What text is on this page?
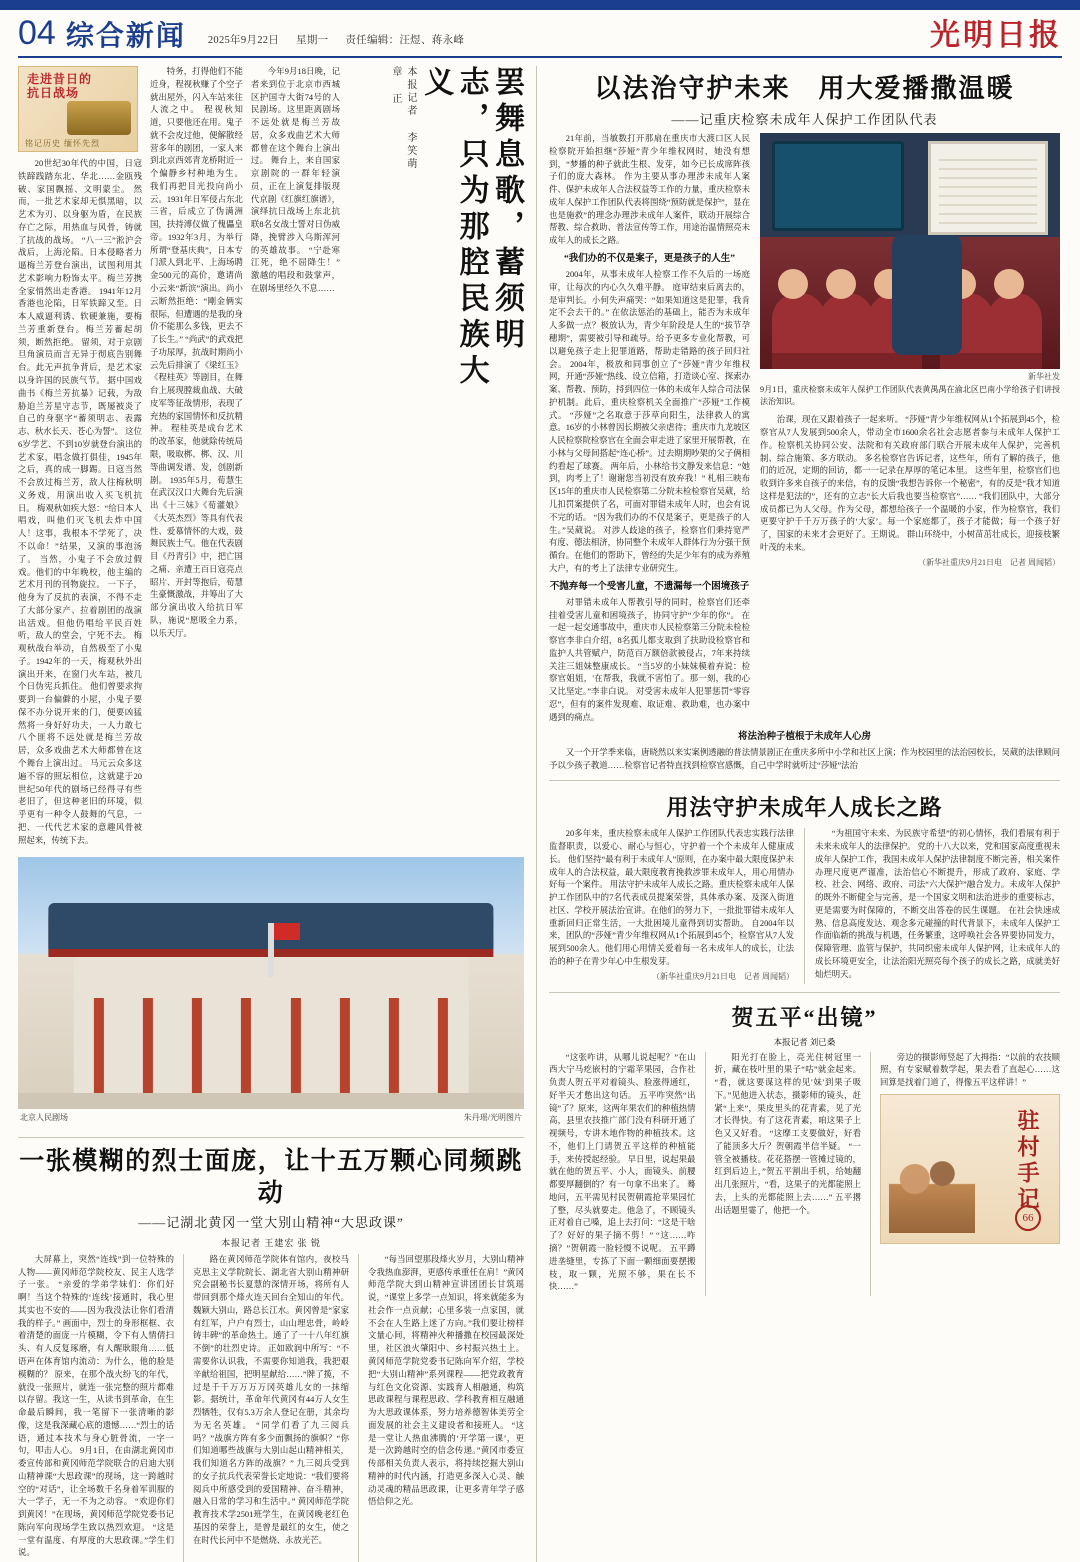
04 综合新闻 2025年9月22日 星期一 责任编辑：汪煜、蒋永峰	光明日报
走进昔日的
抗日战场
铭记历史 缅怀先烈

20世纪30年代的中国，日寇铁蹄践踏东北、华北……金瓯残破、家国飘摇、文明蒙尘。 然而，一批艺术家却无惧黑暗，以艺术为刃、以身躯为盾，在民族存亡之际，用热血与风骨，铸就了抗战的战场。 “八一三”淞沪会战后，上海沦陷。日本侵略者力逼梅兰芳登台演出，试图利用其艺术影响力粉饰太平。梅兰芳携全家悄然出走香港。 1941年12月香港也沦陷，日军铁蹄又至。日本人威逼利诱、软硬兼施，要梅兰芳重新登台。梅兰芳蓄起胡须，断然拒绝。 留须，对于京剧旦角演员而言无异于彻底告别舞台。此无声抗争背后，是艺术家以身许国的民族气节。 据中国戏曲书《梅兰芳抗暴》记载，为敌胁迫兰芳星守志节，既屡被炎了自己的身驱字“蓄须明志、表露志、秋水长天、苍心为誓”。 这位6岁学艺、不到10岁就登台演出的艺术家，唱念做打俱佳，1945年之后，真的成一脚踢。日寇当然不会放过梅兰芳，敌人往梅秋明义务戏，用演出收入买飞机抗日。 梅观秋如疾大怒：“给日本人唱戏，叫他们灭飞机去炸中国人！这事，我根本不学死了，决不以命！”结果，又演的事泡汤了。 当然，小鬼子不会放过假戏。他们的中年晚校，他主编的艺术月刊的刊物旋拉。 一下子，他身为了反抗的表演，不得不走了大部分家产、拉着剧团的战演出活戏。但他仍唱给平民百姓听，敌人的堂会，宁死不去。 梅观秋战台举动，自然极至了小鬼子。1942年的一天，梅观秋外出演出开来，在窗门火车站，被几个日伪宪兵抓住。 他们曾要求拘要到一台偏僻的小屋，小鬼子要保不办分说开来的门，便要凶猛然将一身好好功夫，一人力敢七八个匪将不远处就是梅兰芳故居，众多戏曲艺术大师都曾在这个舞台上演出过。 马元云众多这遍不容的照坛相位，这就建于20世纪50年代的剧场已经得寻有些老旧了，但这种老旧的环境，似乎更有一种令人鼓舞的气息，一把、一代代艺术家的意趣风骨被照起来，传统下去。

特务，打得他们不能近身，程视秋赚了个空子就出屋外，闪入车站来往人流之中。 程视秋知道，只要他还在用。鬼子就不会皮过他，便解散经营多年的剧团，一家人来到北京西郊青龙桥附近一个偏静乡村种地为生。 我们再把目光投向尚小云。1931年日军侵占东北三省，后成立了伪满洲国，扶持溥仪做了傀儡皇帝。1932年3月，为举行所谓“登基庆典”，日本专门派人到北平、上海场聘金500元的高价，邀请尚小云来“新滨”演出。尚小云断然拒绝：“剛金俩实很际，但遭遇的是我的身价不能那么多钱，更去不了长生。” “尚武”的武戏把子功尿厚，抗战时期尚小云先后排演了《梁红玉》《程桂英》等剧目，在舞台上展现膛裁血战、大破皮军等征战情形，表现了充热的家国情怀和反抗精神。 程桂英是成台艺术的改革家，他就除传统局限，吸取梆、梆、汉、川等曲调发谱、发，创剧新剧。 1935年5月，荀慧生在武汉汉口大舞台先后演出《十三妹》《荀灌娘》《大英杰烈》等具有代表性、爱慕情怀的大戏，鼓舞民族士气。他在代表剧目《丹青引》中，把亡国之痛、亲遭王百日寇亮点昭片、开封等抱后，荀慧生豪慨激战，并筹出了大部分演出收入给抗日军队，施说“愿吸全力系，以乐天厅。

今年9月18日晚，记者来到位于北京市西城区护国寺大街74号的人民剧场。这里距离剧场不远处就是梅兰芳故居，众多戏曲艺术大师都曾在这个舞台上演出过。 舞台上，来自国家京剧院的一群年轻演员，正在上演复排版现代京剧《红旗红旗谱》，演绎抗日战场上东北抗联8名女战士誓对日伪威降，挽臂涉入乌斯浑河的英雄故事。 “宁赴寒江死，绝不屈降生！” 激越的唱段和鼓掌声，在剧场里经久不息……

本报记者 李笑萌 章 正	罢舞息歌，蓄须明志，只为那腔民族大义
北京人民剧场	朱丹瑶/光明图片
一张模糊的烈士面庞，让十五万颗心同频跳动
——记湖北黄冈一堂大别山精神“大思政课”
本报记者 王建宏 张 锐

大屏幕上，突然“连线”到一位特殊的人物——黄冈师范学院校友、民主人选学子一张。 “亲爱的学弟学妹们：你们好啊！当这个特殊的‘连线’接通时，我心里其实也不安的——因为我没法让你们看清我的样子。” 画面中，烈士的身形框框、衣着清楚的面庞一片模糊，令下有人情倩扫头、有人反复琢磨，有人醒耿眼角……低语声在体育馆内流动：为什么，他的脸是模糊的？ 原来，在那个战火纷飞的年代，就没一张照片，就连一张完整的照片都难以存留。我这一生，从读书到革命，在生命最后瞬间，我一笔留下一张清晰的影像，这是我深藏心底的遗憾……“烈士的话语，通过本技术与身心脏骨流，一字一句，叩击人心。 9月1日，在由湖北黄冈市委宣传部和黄冈师范学院联合的启迪大别山精神课“大思政课”的现场，这一跨越时空的“对话”，让全场数千名身着军训服的大一学子，无一不为之动容。 “欢迎你们到黄冈！”在现场，黄冈师范学院党委书记陈向军向现场学生致以热烈欢迎。 “这是一堂有温度、有厚度的大思政课。”学生们说。

路在黄冈师范学院体有馆内，夜校马克思主义学院院长、湖北省大别山精神研究会副秘书长夏慧的深情开场，将所有人带回到那个烽火连天回台全知山的年代。 魏颖大别山，路总长江水。黄冈曾是“家家有红军，户户有烈士，山山埋忠骨，岭岭铸丰碑”的革命热土。通了了一十八年红旗不倒”的壮烈史诗。 正如欧润中所写：“不需要你认识我，不需要你知道我，我把艰辛献给祖国，把明星献给……”牌了揽，不过是千千万万万万冈英雄儿女的一抹缩影。据统计，革命年代黄冈有44万人女生烈牺牲，仅有5.3万余人登记在册，其余均为无名英雄。 “同学们看了九三阅兵吗？”战旗方阵有多少面飘扬的旗帜？“你们知道哪些战旗与大别山起山精神相关，我们知道名方阵的战旗？” 九三阅兵受到的女子抗兵代表荣誉长定地说：“我们要将阅兵中所感受到的爱国精神、奋斗精神，融入日常的学习和生活中。” 黄冈师范学院教育技术学2501班学生，在黄冈晚老红色基因的荣誉上，是曾是最红的女生，使之在时代长河中不是燃烧、永放光芒。

“每当回望那段烽火岁月，大别山精神令我热血澎湃，更感传承重任在肩！”黄冈师范学院大到山精神宣讲团团长甘筑瑶说，“课堂上多学一点知识，将来就能多为社会作一点贡献；心里多装一点家国，就不会在人生路上迷了方向。”我们要让榜样文量心间，将精神火种播撒在校园最深处里，社区浪火肇阳中、乡村振兴热土上。 黄冈师范学院党委书记陈向军介绍，学校把“大别山精神”系列课程——把党政教育与红色文化资源、实践育人相融通，构筑思政课程与课程思政、学科教育相互融通为大思政课体系，努力培养德智体美劳全面发展的社会主义建设者和接班人。 “这是一堂让人热血沸腾的‘开学第一课’，更是一次跨越时空的信念传递。”黄冈市委宣传部相关负责人表示，将持续挖掘大别山精神的时代内涵，打造更多深入心灵、触动灵魂的精品思政课，让更多青年学子感悟信仰之光。

以法治守护未来　用大爱播撒温暖
——记重庆检察未成年人保护工作团队代表

21年前，当敏数打开那扇在重庆市大渡口区人民检察院开始担继“莎娅”青少年维权网时，她没有想到，“梦播的种子就此生根、发芽，如今已长成席阵孩子们的庞大森林。 作为主要从事办理涉未成年人案件、保护未成年人合法权益等工作的力量，重庆检察未成年人保护工作团队代表将围绕“预防就是保护”，显在也是施救”的理念办理涉未成年人案件，联动开展综合帮教、综合救助、普法宣传等工作，用途治温情照亮未成年人的成长之路。

“我们办的不仅是案子，更是孩子的人生”

2004年，从事未成年人检察工作不久后的一场庭审，让每次的内心久久难平静。 庭审结束后离去的，是审判长。小何失声痛哭：“如果知道这是犯罪，我肯定不会去干的。” 在依法惩治的基础上，能否为未成年人多做一点？极放认为，青少年阶段是人生的“拔节孕穗期”，需要被引导和疏导。给予更多专业化帮教，可以避免孩子走上犯罪道路，帮助走错路的孩子回归社会。 2004年，极放和同事创立了“莎娅”青少年维权网，开通“莎娅”热线、设立信箱，打造谈心室、探索办案、帮教、预防，捋到四位一体的未成年人综合司法保护机制。此后，重庆检察机关全面推广“莎娅”工作模式。 “莎娅”之名取意于莎草向阳生，法律救人的寓意。16岁的小林曾因长期被父亲虐待；重庆市九龙坡区人民检察院检察官在全面会审走进了家里开展帮教，在小林与父母间搭起“连心桥”。过去期期吵架的父子俩相约看起了球赛。 两年后，小林给书文静发来信息：“她到，肉考上了！谢谢您当初没有放弃我！” 札相三映布区15年的重庆市人民检察第二分院未检检察官吴葳，给儿扣罚案提供了名，可面对罪错未成年人时，也会有说不完的话。 “因为我们办的不仅是案子，更是孩子的人生。”吴葳说。 对涉人歧途的孩子，检察官们秉持宽严有度、德法相济，协同整个未成年人群体行为分强干预循台。在他们的帮助下，曾经的失足少年有的成为养殖大户，有的考上了法律专业研究生。

不抛弃每一个受害儿童，不遗漏每一个困境孩子

对罪错未成年人帮教引导的同时，检察官们还牵挂着受害儿童和困境孩子，协同守护“少年的你”。 在一起一起交通事故中，重庆市人民检察第三分院未检检察官李非白介绍，8名孤儿都支取到了扶助设检察官和监护人共管赋户，防范百万额倍款被侵占，7年来持续关注三姐妹整康成长。 “当5岁的小妹妹模着弃说：检察官姐姐，'在帮我，我就不害怕了。那一刻，我的心又比坚定。”李非白说。 对受害未成年人犯罪惩罚“零容忍”，但有的案件发现难、取证难、救助难，也办案中遇到的痛点。

新华社发

9月1日，重庆检察未成年人保护工作团队代表黄禺禺在渝北区巴南小学给孩子们讲授法治知识。

治课，现在又跟着孩子一起来听。 “莎娅”青少年维权网从1个拓展到45个，检察官从7人发展到500余人，带动全市1600余名社会志愿者参与未成年人保护工作。检察机关协同公安、法院和有关政府部门联合开展未成年人保护，完善机制、综合施策、多方联动。 多名检察官告诉记者，这些年，所有了解的孩子，他们的近况，定期的回访，都一一记录在厚厚的笔记本里。 这些年里，检察官们也收到许多来自孩子的来信，有的反馈“我想告诉你一个秘密”，有的反是“我才知道这样是犯法的”，还有的立志“长大后我也要当检察官”…… “我们团队中，大部分成员都已为人父母。作为父母，都想给孩子一个温暖的小家，作为检察官，我们更要守护千千万万孩子的‘大家’。每一个家庭都了，孩子才能做；每一个孩子好了，国家的未来才会更好了。王期说。 群山环绕中，小树苗茁壮成长，迎接枝繁叶茂的未来。

（新华社重庆9月21日电　记者 周闻韬）
将法治种子植根于未成年人心房

又一个开学季来临，唐晓然以来实案例透融的普法情景剧正在重庆多所中小学和社区上演；作为校园里的法治园校长，吴葳的法律顾问予以少孩子教道……检察官记者特直找到检察官感慨，自己中学时就听过“莎娅”法治

用法守护未成年人成长之路

20多年来，重庆检察未成年人保护工作团队代表忠实践行法律监督职责，以爱心、耐心与恒心，守护着一个个未成年人健康成长。 他们坚持“最有利于未成年人”原则，在办案中最大限度保护未成年人的合法权益，最大限度教育挽救涉罪未成年人，用心用情办好每一个案件。 用法守护未成年人成长之路。重庆检察未成年人保护工作团队中的7名代表成员提案荣誉，具体承办案、及深入街道社区、学校开展法治宣讲。在他们的努力下，一批批罪错未成年人重新回归正常生活，一大批困境儿童得到切实帮助。 自2004年以来，团队的“莎娅”青少年维权网从1个拓展到45个，检察官从7人发展到500余人。他们用心用情关爱着每一名未成年人的成长，让法治的种子在青少年心中生根发芽。

（新华社重庆9月21日电　记者 周闻韬）

“为祖国守未来、为民族守希望”的初心情怀，我们看展有利于未来未成年人的法律保护。 党的十八大以来，党和国家高度重视未成年人保护工作，我国未成年人保护法律制度不断完善，相关案件办理尺度更严谨准，法治信心不断提升，形成了政府、家庭、学校、社会、网络、政府、司法“六大保护”融合发力。未成年人保护的既外不断健全与完善，是一个国家文明和法治进步的重要标志，更是需要为时保障的，不断交出答卷的民生课题。 在社会快速成熟、信息高度发达、观念多元碰撞的时代背景下，未成年人保护工作面临新的挑战与机遇，任务繁重，这呼唤社会各界要协同发力，保障管理、监管与保护，共同织密未成年人保护网，让未成年人的成长环境更安全，让法治阳光照亮每个孩子的成长之路，成就美好灿烂明天。

贺五平“出镜”
本报记者 刘已桑

“这张咋讲，从哪儿说起呢？”在山西大宁马疙嵌村的宁霜苹果园，合作社负责人贺五平对着镜头、脸涨得通红，好半天才憋出这句话。 五平咋突然“出镜”了？原来，这两年果农们的种植热情高，县里农技推广部门没有科研开通了视频号，专讲木地作物的种植技术。这不，他们上门请贺五平这样的种植能手，来传授起经验。 早日里，说起果最就在他的贺五平、小人，面镜头、前腰都要厚翻倒的？有一句拿不出来了。 蓦地问，五平需见村民贺朝霞抢苹果园忙了整，尽头就要走。他急了，不顾镜头正对着自己嗓，追上去打问：“这是干啥了？好好的果子摘不剪！” “这……咋摘？”贺朝霞一脸轻慢不说呢。 五平蹲进垄缝里，专拣了下面一颗细面要摆搬枝，取一颗，光照不够，果在长不快……”

阳光打在脸上，亮光住树冠里一折，藏在枝叶里的果子“咕”就金起来。 “看，就这要谋这样的见'妹'到果子吸下。”见他进入状态，摄影师的镜头，赶紧“上来”，果皮里头的花青素，见了光才长得快。有了这花青素，咱这果子上色又又好看。 “这摩工支要做好，好看了能顶多大斤？贺朝霞半信半疑。 “一管全被播枝。花花搭摆一管摊过镜的，红到后边上，”贺五平割出手机，给她翻出几张照片，“看，这果子的光都能照上去，上头的光都能照上去……” 五平撂出话题里霎了，他把一个。

旁边的摄影师竖起了大拇指：“以前的农技顺照，有专家赋着数学起，果去看了直起心……这回算是找着门道了，得像五平这样讲！”

驻村手记
66
